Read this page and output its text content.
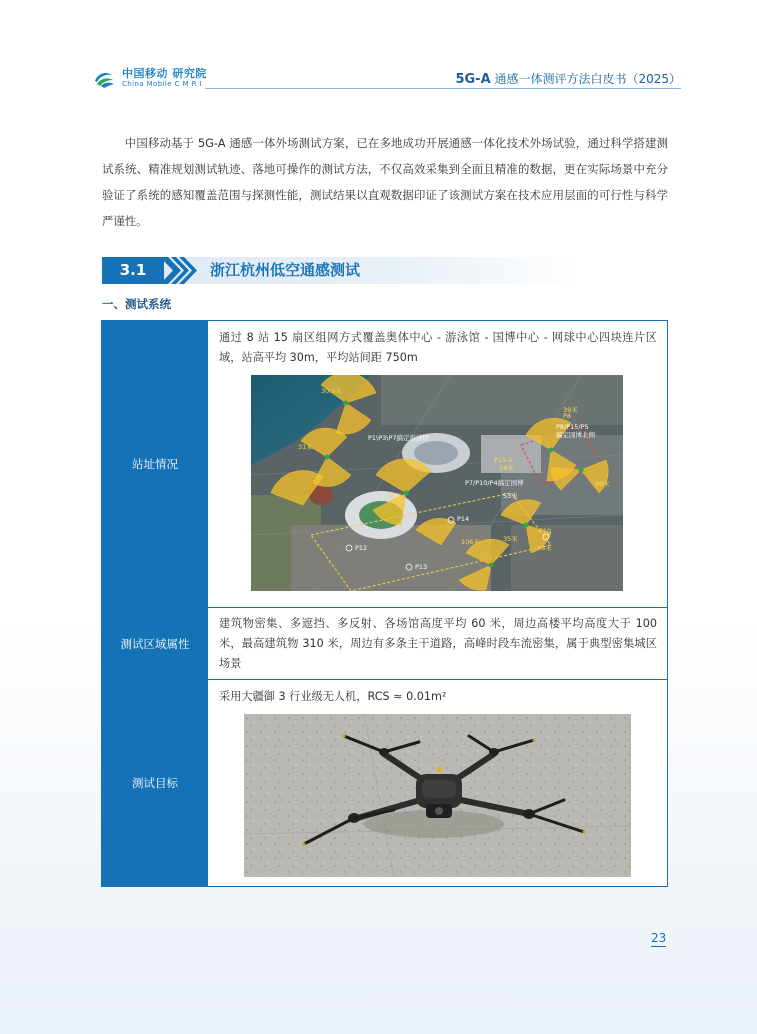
中国移动 研究院
China Mobile C M R I	5G-A 通感一体测评方法白皮书（2025）

中国移动基于 5G-A 通感一体外场测试方案，已在多地成功开展通感一体化技术外场试验，通过科学搭建测试系统、精准规划测试轨迹、落地可操作的测试方法，不仅高效采集到全面且精准的数据，更在实际场景中充分验证了系统的感知覆盖范围与探测性能，测试结果以直观数据印证了该测试方案在技术应用层面的可行性与科学严谨性。

3.1	浙江杭州低空通感测试
一、测试系统
站址情况
通过 8 站 15 扇区组网方式覆盖奥体中心 - 游泳馆 - 国博中心 - 网球中心四块连片区域，站高平均 30m，平均站间距 750m
P1\P3\P7搞定游泳馆
P8/P15/P5
搞定国博北侧
P7/P10/P4搞定国博
P15-5
P14
P12
P13
P10
P8
30.5米
31米
39米
90米
54米
53米
106米	35米
38米
56米
测试区域属性
建筑物密集、多遮挡、多反射、各场馆高度平均 60 米，周边高楼平均高度大于 100 米，最高建筑物 310 米，周边有多条主干道路，高峰时段车流密集，属于典型密集城区场景
测试目标
采用大疆御 3 行业级无人机，RCS ≈ 0.01m²
23
